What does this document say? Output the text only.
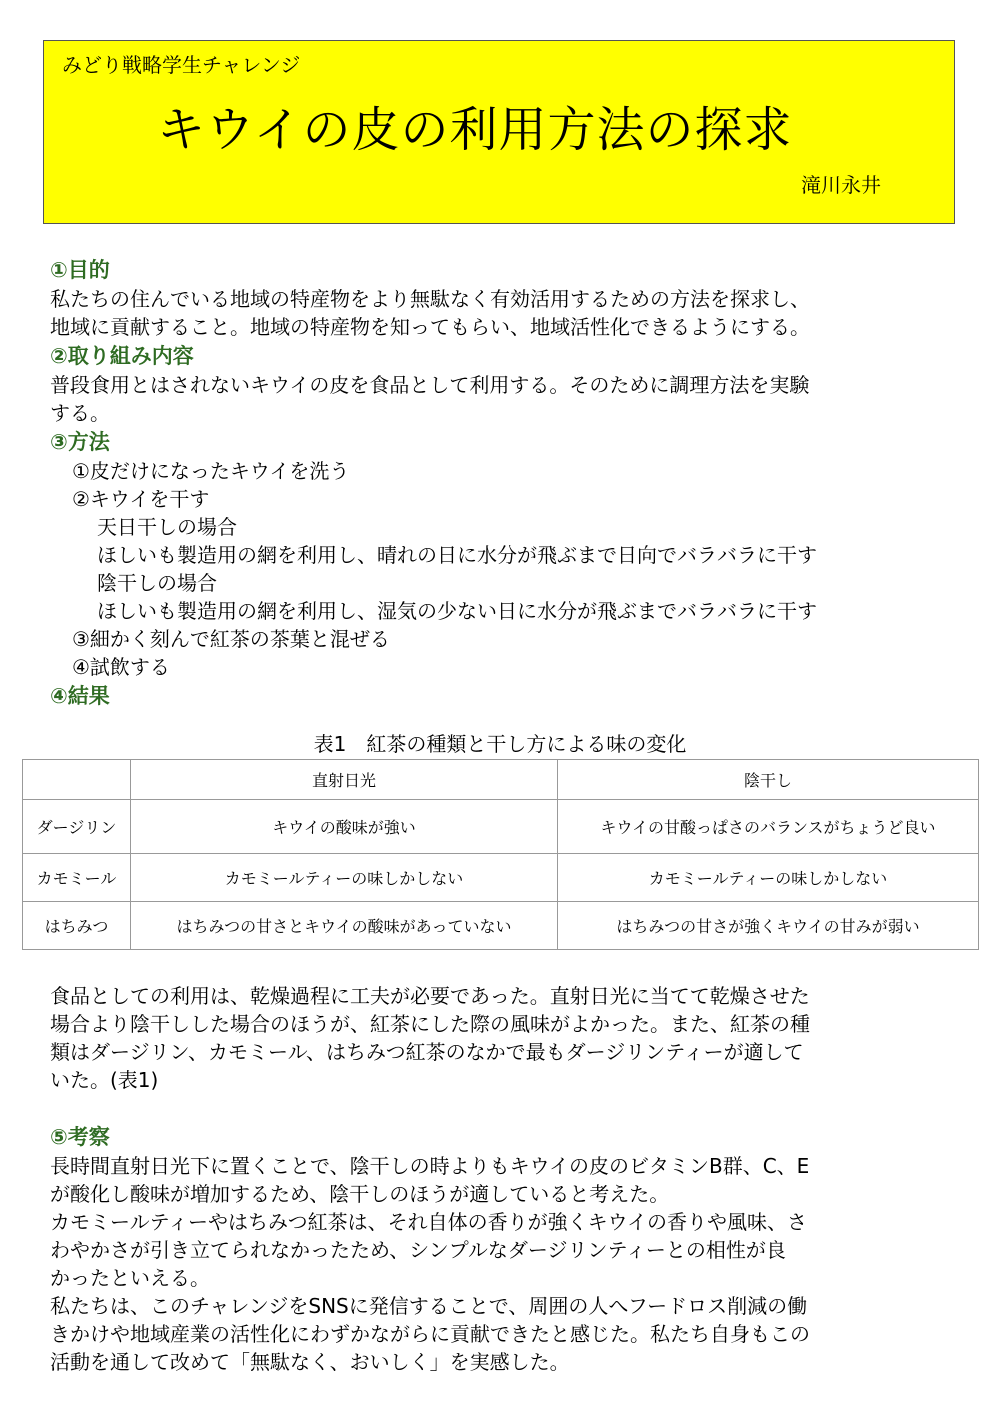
みどり戦略学生チャレンジ
キウイの皮の利用方法の探求
滝川永井
①目的
私たちの住んでいる地域の特産物をより無駄なく有効活用するための方法を探求し、
地域に貢献すること。地域の特産物を知ってもらい、地域活性化できるようにする。
②取り組み内容
普段食用とはされないキウイの皮を食品として利用する。そのために調理方法を実験
する。
③方法
①皮だけになったキウイを洗う
②キウイを干す
天日干しの場合
ほしいも製造用の網を利用し、晴れの日に水分が飛ぶまで日向でバラバラに干す
陰干しの場合
ほしいも製造用の網を利用し、湿気の少ない日に水分が飛ぶまでバラバラに干す
③細かく刻んで紅茶の茶葉と混ぜる
④試飲する
④結果
表1　紅茶の種類と干し方による味の変化
	直射日光	陰干し
ダージリン	キウイの酸味が強い	キウイの甘酸っぱさのバランスがちょうど良い
カモミール	カモミールティーの味しかしない	カモミールティーの味しかしない
はちみつ	はちみつの甘さとキウイの酸味があっていない	はちみつの甘さが強くキウイの甘みが弱い
食品としての利用は、乾燥過程に工夫が必要であった。直射日光に当てて乾燥させた
場合より陰干しした場合のほうが、紅茶にした際の風味がよかった。また、紅茶の種
類はダージリン、カモミール、はちみつ紅茶のなかで最もダージリンティーが適して
いた。(表1)
⑤考察
長時間直射日光下に置くことで、陰干しの時よりもキウイの皮のビタミンB群、C、E
が酸化し酸味が増加するため、陰干しのほうが適していると考えた。
カモミールティーやはちみつ紅茶は、それ自体の香りが強くキウイの香りや風味、さ
わやかさが引き立てられなかったため、シンプルなダージリンティーとの相性が良
かったといえる。
私たちは、このチャレンジをSNSに発信することで、周囲の人へフードロス削減の働
きかけや地域産業の活性化にわずかながらに貢献できたと感じた。私たち自身もこの
活動を通して改めて「無駄なく、おいしく」を実感した。
